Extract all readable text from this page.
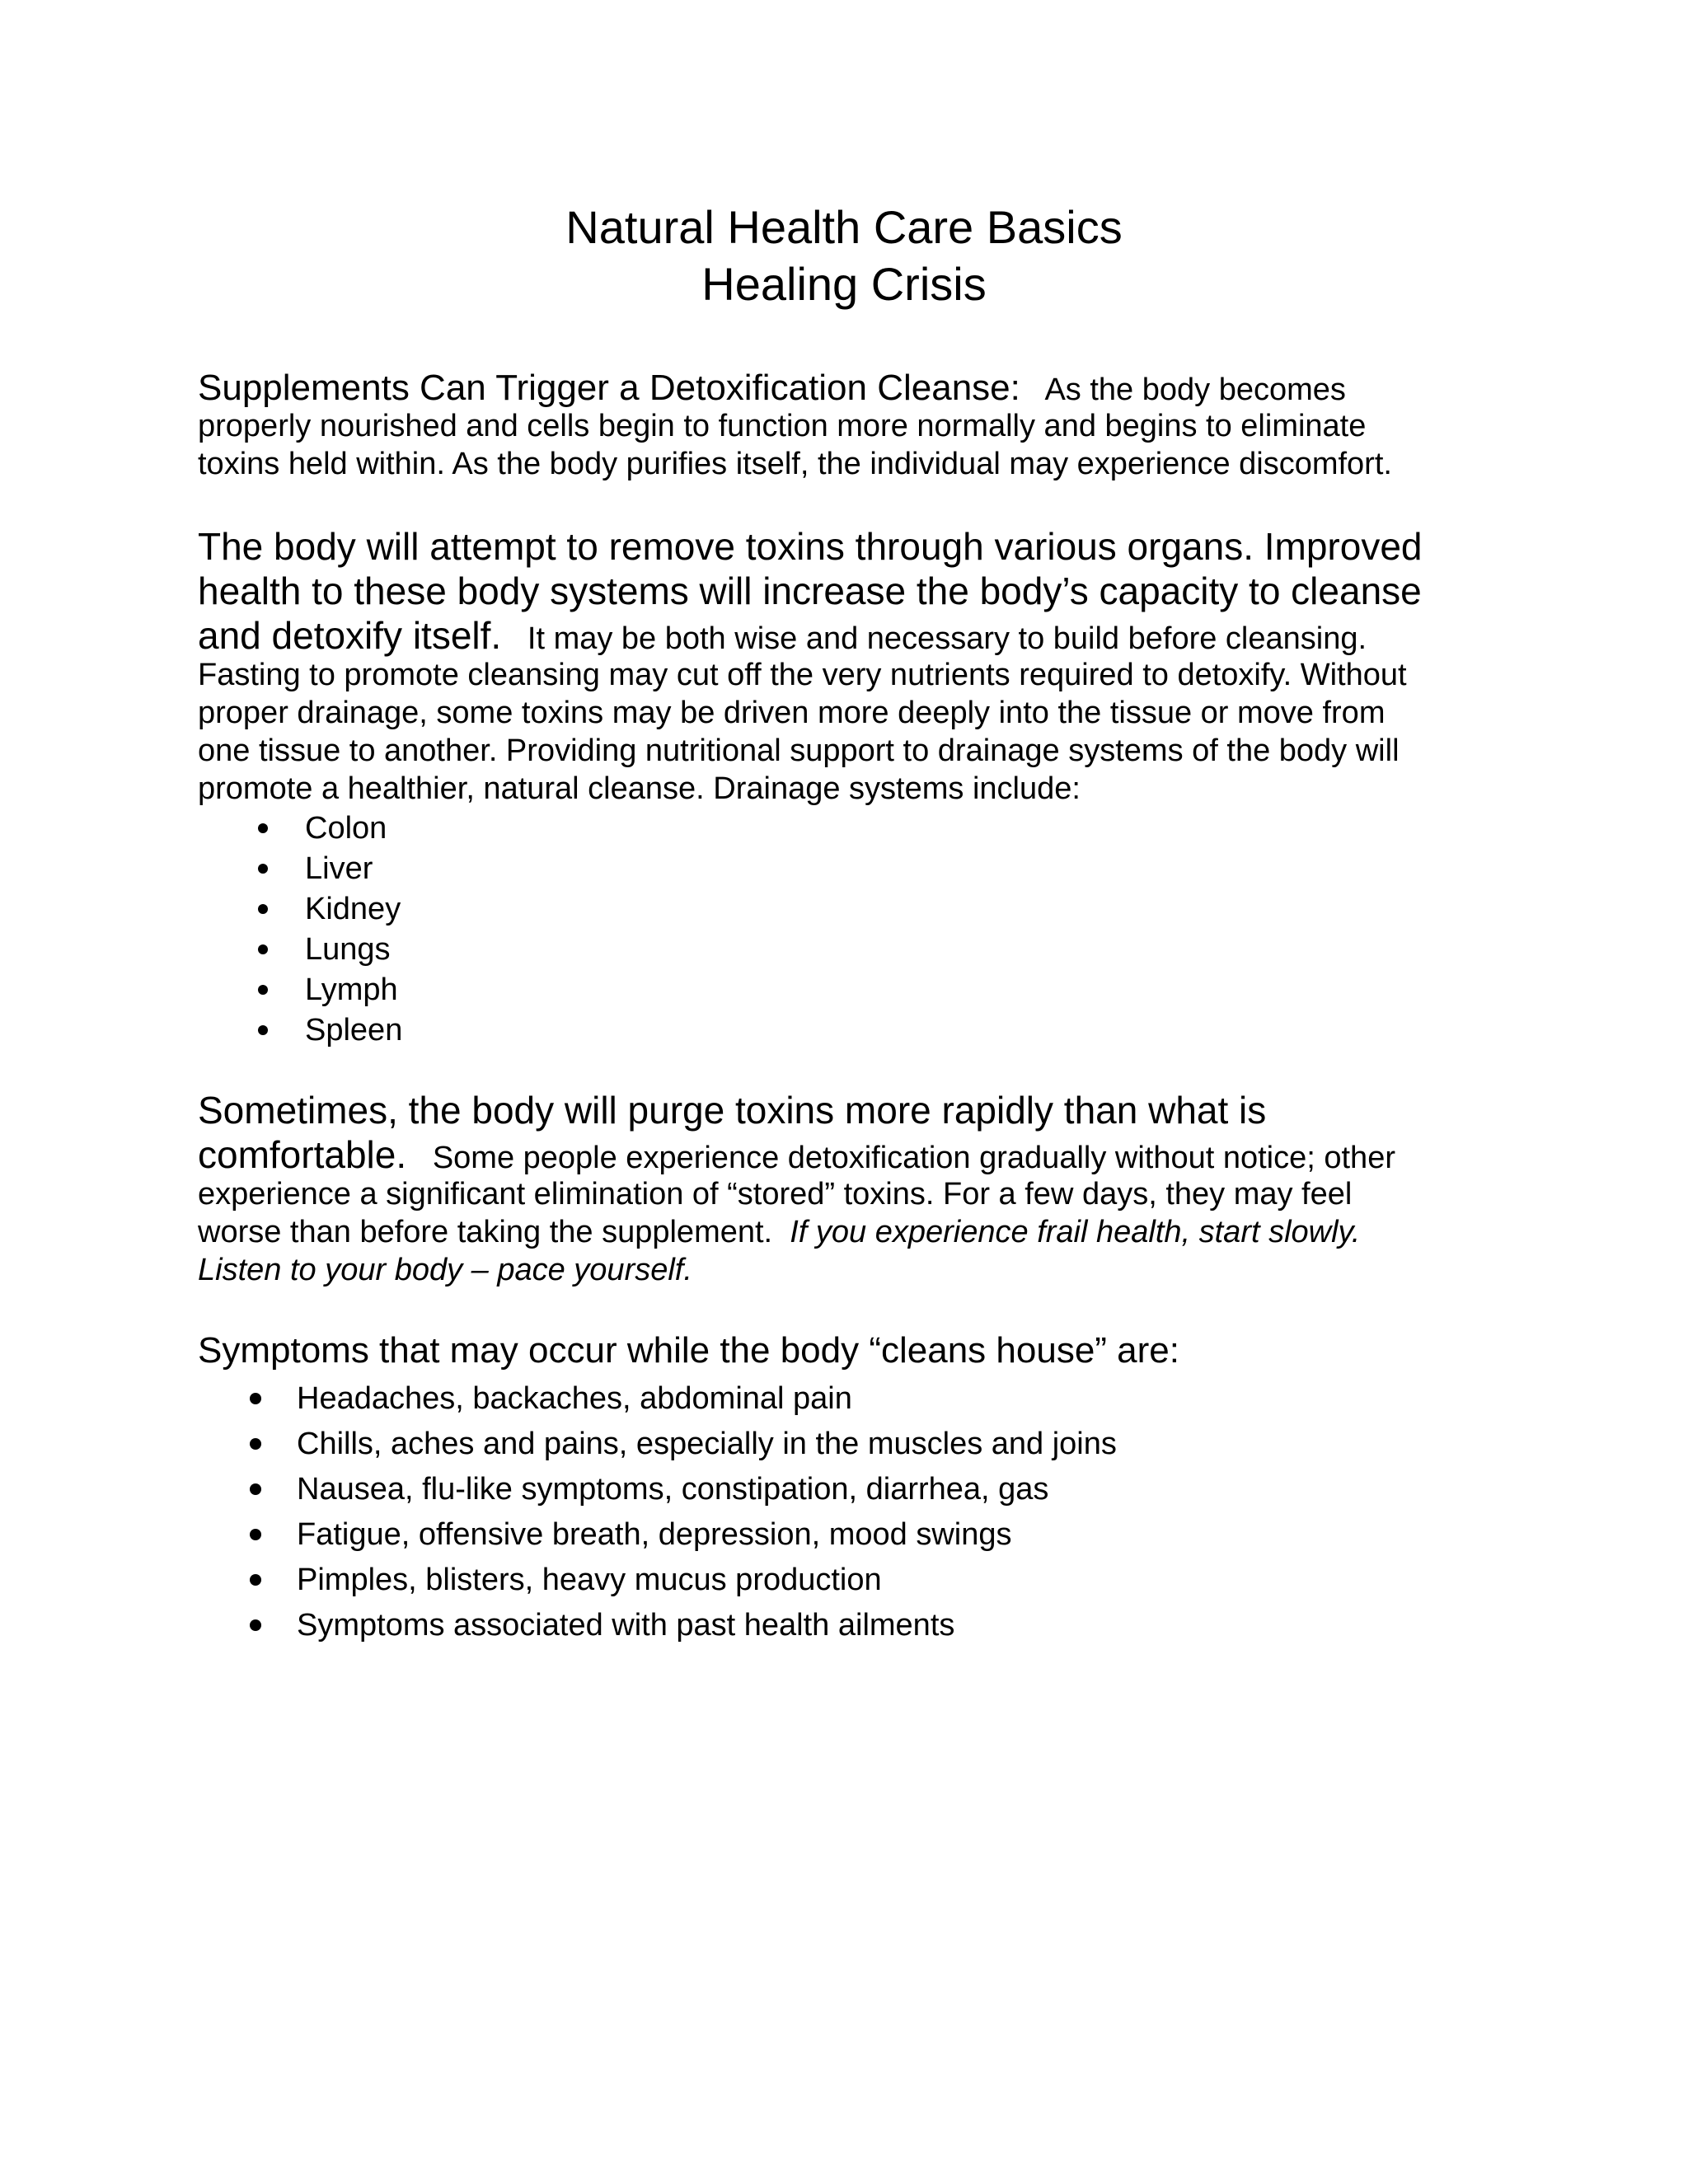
Natural Health Care Basics
Healing Crisis
Supplements Can Trigger a Detoxification Cleanse: As the body becomes
properly nourished and cells begin to function more normally and begins to eliminate
toxins held within. As the body purifies itself, the individual may experience discomfort.
The body will attempt to remove toxins through various organs. Improved
health to these body systems will increase the body’s capacity to cleanse
and detoxify itself. It may be both wise and necessary to build before cleansing.
Fasting to promote cleansing may cut off the very nutrients required to detoxify. Without
proper drainage, some toxins may be driven more deeply into the tissue or move from
one tissue to another. Providing nutritional support to drainage systems of the body will
promote a healthier, natural cleanse. Drainage systems include:
Colon
Liver
Kidney
Lungs
Lymph
Spleen
Sometimes, the body will purge toxins more rapidly than what is
comfortable. Some people experience detoxification gradually without notice; other
experience a significant elimination of “stored” toxins. For a few days, they may feel
worse than before taking the supplement. If you experience frail health, start slowly.
Listen to your body – pace yourself.
Symptoms that may occur while the body “cleans house” are:
Headaches, backaches, abdominal pain
Chills, aches and pains, especially in the muscles and joins
Nausea, flu-like symptoms, constipation, diarrhea, gas
Fatigue, offensive breath, depression, mood swings
Pimples, blisters, heavy mucus production
Symptoms associated with past health ailments
